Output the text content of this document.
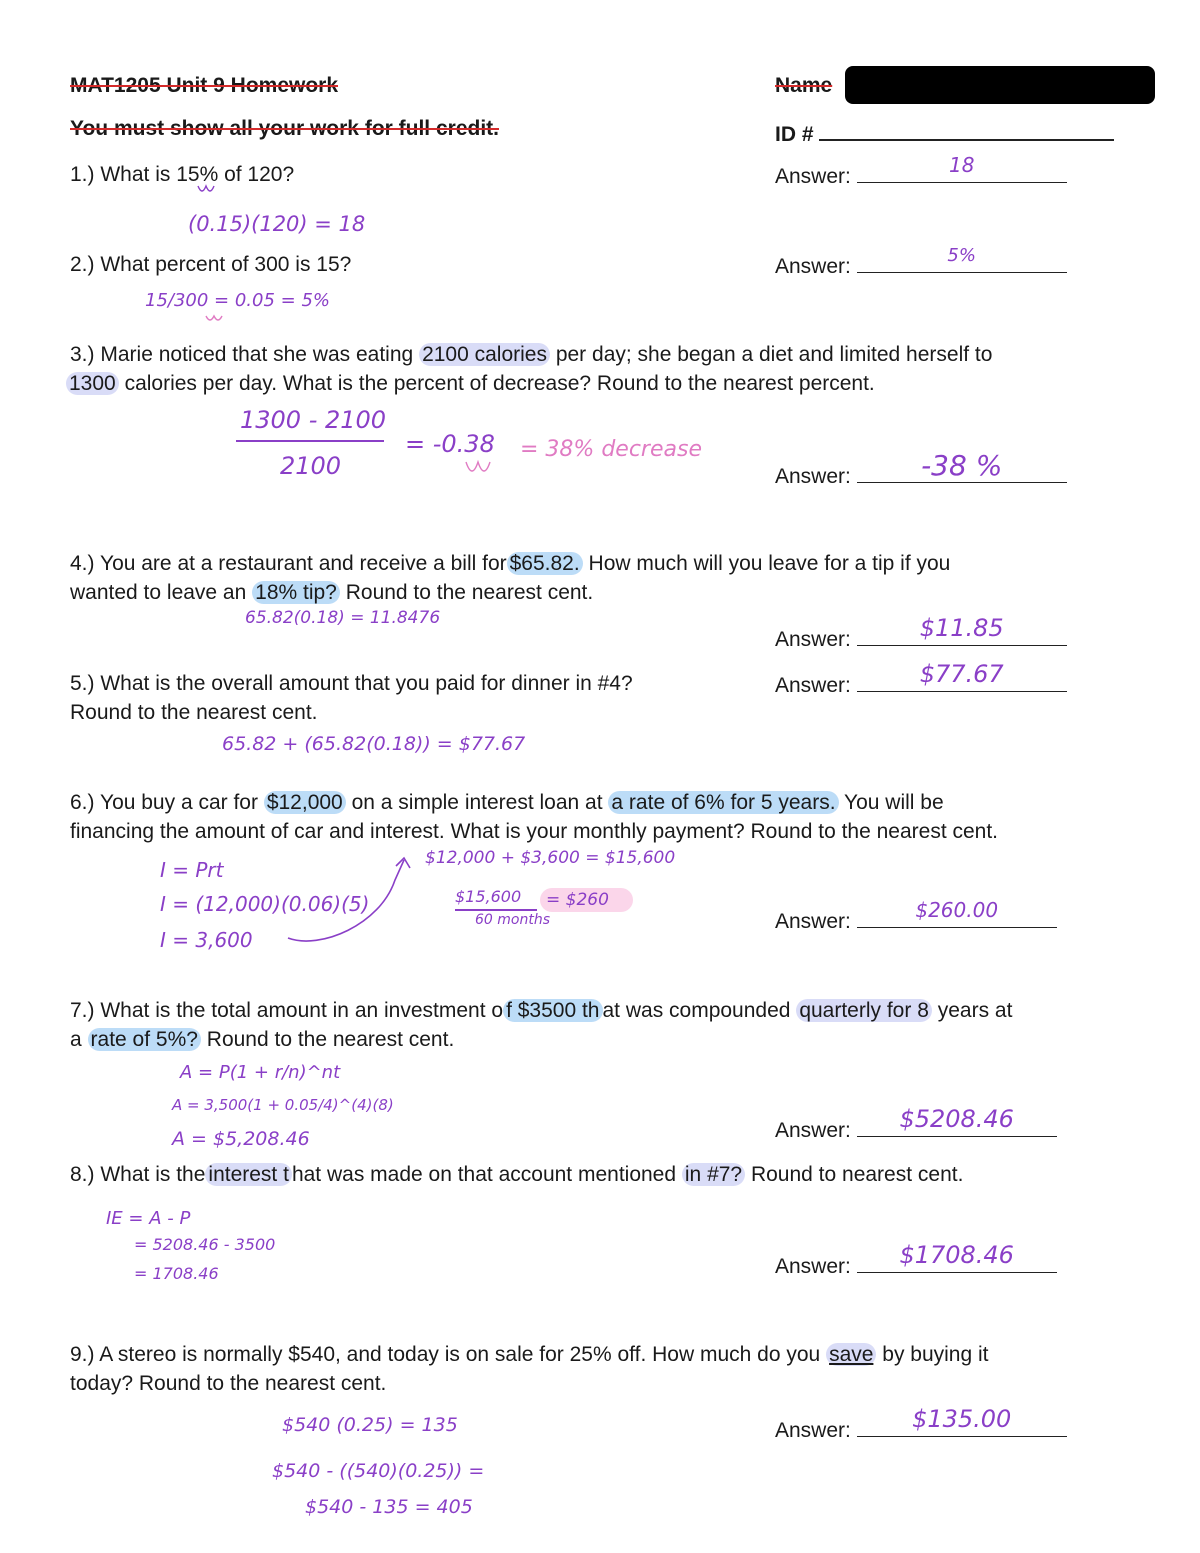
MAT1205 Unit 9 Homework
You must show all your work for full credit.
Name
ID #
1.) What is 15% of 120?
(0.15)(120) = 18
Answer:	18
2.) What percent of 300 is 15?
15/300 = 0.05 = 5%
Answer:	5%
3.) Marie noticed that she was eating 2100 calories per day; she began a diet and limited herself to
1300 calories per day. What is the percent of decrease? Round to the nearest percent.
1300 - 2100
2100
= -0.38 = 38% decrease
Answer:	-38 %
4.) You are at a restaurant and receive a bill for $65.82. How much will you leave for a tip if you
wanted to leave an 18% tip? Round to the nearest cent.
65.82(0.18) = 11.8476
Answer:	$11.85
5.) What is the overall amount that you paid for dinner in #4?
Round to the nearest cent.
65.82 + (65.82(0.18)) = $77.67
Answer:	$77.67
6.) You buy a car for $12,000 on a simple interest loan at a rate of 6% for 5 years. You will be
financing the amount of car and interest. What is your monthly payment? Round to the nearest cent.
I = Prt
I = (12,000)(0.06)(5)
I = 3,600
$12,000 + $3,600 = $15,600
$15,600
60 months
= $260
Answer:	$260.00
7.) What is the total amount in an investment o f $3500 th at was compounded quarterly for 8 years at
a rate of 5%? Round to the nearest cent.
A = P(1 + r/n)^nt
A = 3,500(1 + 0.05/4)^(4)(8)
A = $5,208.46	Answer:	$5208.46
8.) What is the interest t hat was made on that account mentioned in #7? Round to nearest cent.
IE = A - P
= 5208.46 - 3500
= 1708.46	Answer:	$1708.46
9.) A stereo is normally $540, and today is on sale for 25% off. How much do you save by buying it
today? Round to the nearest cent.
$540 (0.25) = 135
$540 - ((540)(0.25)) =
$540 - 135 = 405
Answer:	$135.00
